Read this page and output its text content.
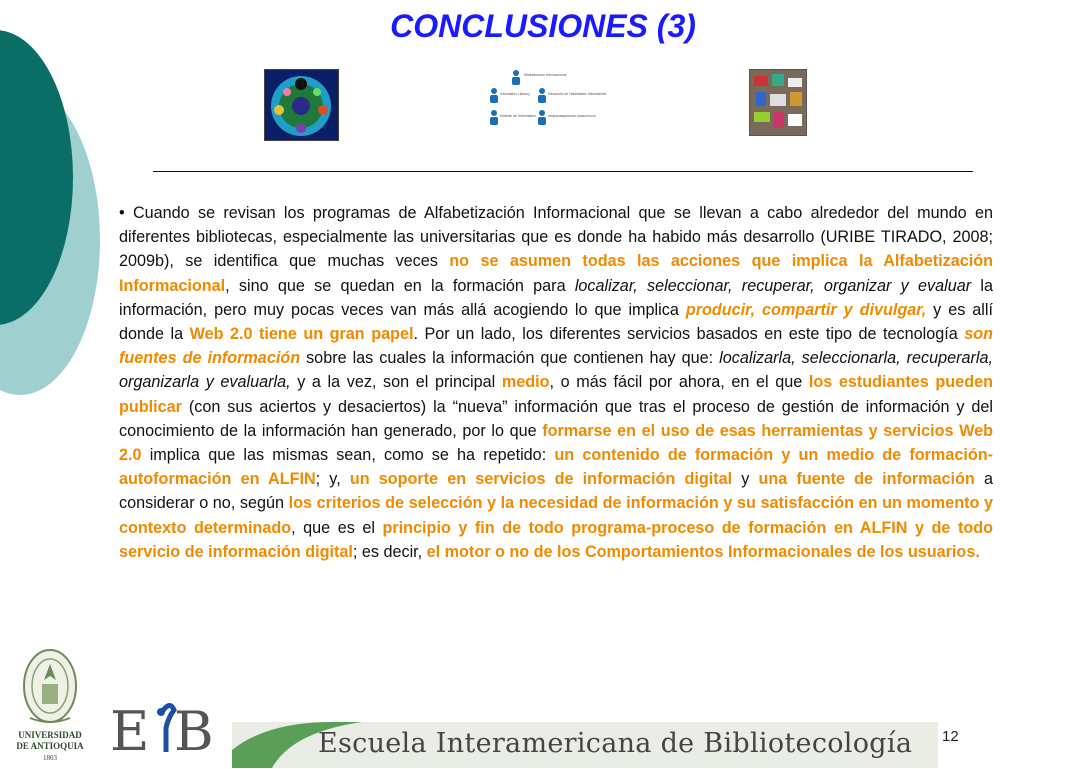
CONCLUSIONES (3)
Alfabetización Informacional
Information Literacy	Desarrollo de Habilidades Informativas
Maîtrise de l'information	информационная грамотность

• Cuando se revisan los programas de Alfabetización Informacional que se llevan a cabo alrededor del mundo en diferentes bibliotecas, especialmente las universitarias que es donde ha habido más desarrollo (URIBE TIRADO, 2008; 2009b), se identifica que muchas veces no se asumen todas las acciones que implica la Alfabetización Informacional, sino que se quedan en la formación para localizar, seleccionar, recuperar, organizar y evaluar la información, pero muy pocas veces van más allá acogiendo lo que implica producir, compartir y divulgar, y es allí donde la Web 2.0 tiene un gran papel. Por un lado, los diferentes servicios basados en este tipo de tecnología son fuentes de información sobre las cuales la información que contienen hay que: localizarla, seleccionarla, recuperarla, organizarla y evaluarla, y a la vez, son el principal medio, o más fácil por ahora, en el que los estudiantes pueden publicar (con sus aciertos y desaciertos) la “nueva” información que tras el proceso de gestión de información y del conocimiento de la información han generado, por lo que formarse en el uso de esas herramientas y servicios Web 2.0 implica que las mismas sean, como se ha repetido: un contenido de formación y un medio de formación-autoformación en ALFIN; y, un soporte en servicios de información digital y una fuente de información a considerar o no, según los criterios de selección y la necesidad de información y su satisfacción en un momento y contexto determinado, que es el principio y fin de todo programa-proceso de formación en ALFIN y de todo servicio de información digital; es decir, el motor o no de los Comportamientos Informacionales de los usuarios.

UNIVERSIDAD
DE ANTIOQUIA
1803 E B	Escuela Interamericana de Bibliotecología 12
